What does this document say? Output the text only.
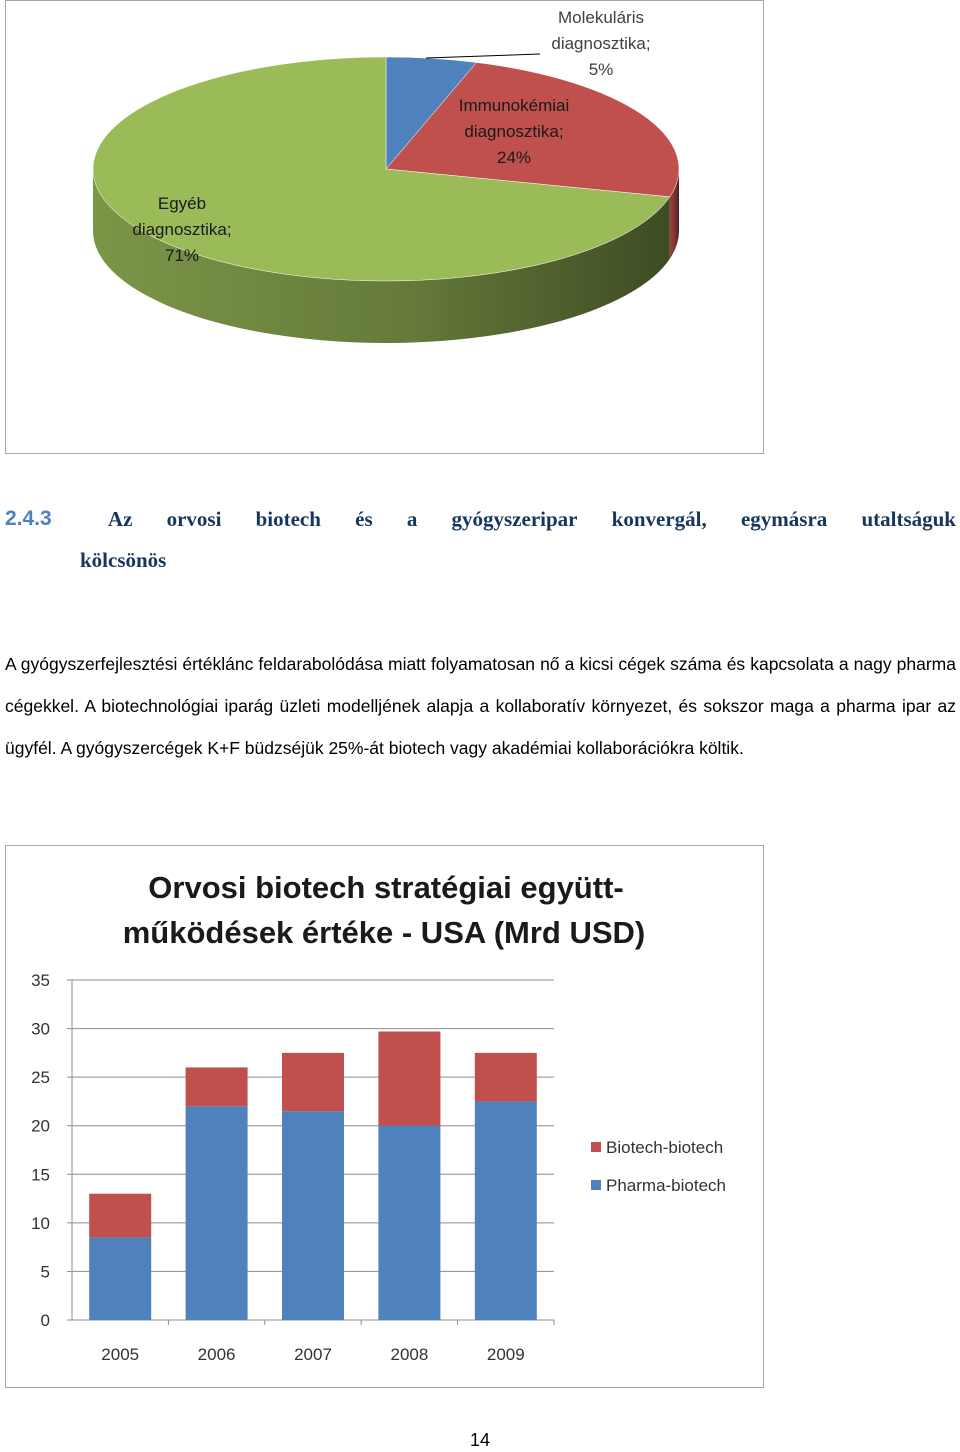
Molekuláris diagnosztika; 5%
Immunokémiai diagnosztika; 24%
Egyéb diagnosztika; 71%
2.4.3	Az orvosi biotech és a gyógyszeripar konvergál, egymásra utaltságuk
kölcsönös
A gyógyszerfejlesztési értéklánc feldarabolódása miatt folyamatosan nő a kicsi cégek száma és kapcsolata a nagy pharma cégekkel. A biotechnológiai iparág üzleti modelljének alapja a kollaboratív környezet, és sokszor maga a pharma ipar az ügyfél. A gyógyszercégek K+F büdzséjük 25%-át biotech vagy akadémiai kollaborációkra költik.
Orvosi biotech stratégiai együtt-működések értéke - USA (Mrd USD)
0
5
10
15
20
25
30
35
2005	2006	2007	2008	2009
Biotech-biotech
Pharma-biotech
14
